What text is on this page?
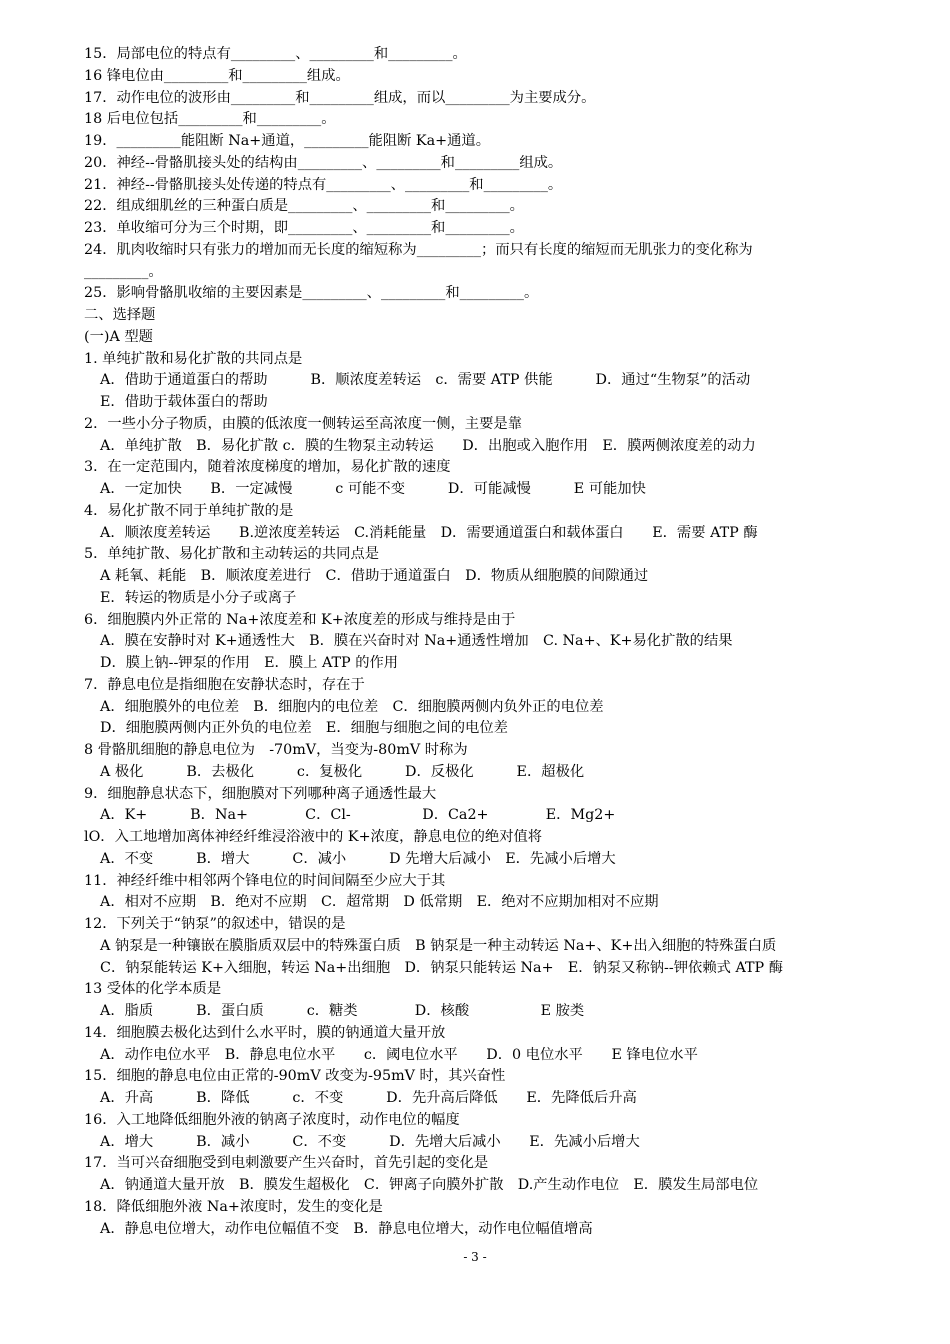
15．局部电位的特点有_________、_________和_________。
16 锋电位由_________和_________组成。
17．动作电位的波形由_________和_________组成，而以_________为主要成分。
18 后电位包括_________和_________。
19．_________能阻断 Na+通道，_________能阻断 Ka+通道。
20．神经--骨骼肌接头处的结构由_________、_________和_________组成。
21．神经--骨骼肌接头处传递的特点有_________、_________和_________。
22．组成细肌丝的三种蛋白质是_________、_________和_________。
23．单收缩可分为三个时期，即_________、_________和_________。
24．肌肉收缩时只有张力的增加而无长度的缩短称为_________；而只有长度的缩短而无肌张力的变化称为
_________。
25．影响骨骼肌收缩的主要因素是_________、_________和_________。
二、选择题
(一)A 型题
1. 单纯扩散和易化扩散的共同点是
A．借助于通道蛋白的帮助　　　B．顺浓度差转运　c．需要 ATP 供能　　　D．通过“生物泵”的活动
E．借助于载体蛋白的帮助
2．一些小分子物质，由膜的低浓度一侧转运至高浓度一侧，主要是靠
A．单纯扩散　B．易化扩散 c．膜的生物泵主动转运　　D．出胞或入胞作用　E．膜两侧浓度差的动力
3．在一定范围内，随着浓度梯度的增加，易化扩散的速度
A．一定加快　　B．一定减慢　　　c 可能不变　　　D．可能减慢　　　E 可能加快
4．易化扩散不同于单纯扩散的是
A．顺浓度差转运　　B.逆浓度差转运　C.消耗能量　D．需要通道蛋白和载体蛋白　　E．需要 ATP 酶
5．单纯扩散、易化扩散和主动转运的共同点是
A 耗氧、耗能　B．顺浓度差进行　C．借助于通道蛋白　D．物质从细胞膜的间隙通过
E．转运的物质是小分子或离子
6．细胞膜内外正常的 Na+浓度差和 K+浓度差的形成与维持是由于
A．膜在安静时对 K+通透性大　B．膜在兴奋时对 Na+通透性增加　C. Na+、K+易化扩散的结果
D．膜上钠--钾泵的作用　E．膜上 ATP 的作用
7．静息电位是指细胞在安静状态时，存在于
A．细胞膜外的电位差　B．细胞内的电位差　C．细胞膜两侧内负外正的电位差
D．细胞膜两侧内正外负的电位差　E．细胞与细胞之间的电位差
8 骨骼肌细胞的静息电位为　-70mV，当变为-80mV 时称为
A 极化　　　B．去极化　　　c．复极化　　　D．反极化　　　E．超极化
9．细胞静息状态下，细胞膜对下列哪种离子通透性最大
A．K+　　　B．Na+　　　　C．Cl-　　　　　D．Ca2+　　　　E．Mg2+
lO．入工地增加离体神经纤维浸浴液中的 K+浓度，静息电位的绝对值将
A．不变　　　B．增大　　　C．减小　　　D 先增大后减小　E．先减小后增大
11．神经纤维中相邻两个锋电位的时间间隔至少应大于其
A．相对不应期　B．绝对不应期　C．超常期　D 低常期　E．绝对不应期加相对不应期
12．下列关于“钠泵”的叙述中，错误的是
A 钠泵是一种镶嵌在膜脂质双层中的特殊蛋白质　B 钠泵是一种主动转运 Na+、K+出入细胞的特殊蛋白质
C．钠泵能转运 K+入细胞，转运 Na+出细胞　D．钠泵只能转运 Na+　E．钠泵又称钠--钾依赖式 ATP 酶
13 受体的化学本质是
A．脂质　　　B．蛋白质　　　c．糖类　　　　D．核酸　　　　　E 胺类
14．细胞膜去极化达到什么水平时，膜的钠通道大量开放
A．动作电位水平　B．静息电位水平　　c．阈电位水平　　D．0 电位水平　　E 锋电位水平
15．细胞的静息电位由正常的-90mV 改变为-95mV 时，其兴奋性
A．升高　　　B．降低　　　c．不变　　　D．先升高后降低　　E．先降低后升高
16．入工地降低细胞外液的钠离子浓度时，动作电位的幅度
A．增大　　　B．减小　　　C．不变　　　D．先增大后减小　　E．先减小后增大
17．当可兴奋细胞受到电刺激要产生兴奋时，首先引起的变化是
A．钠通道大量开放　B．膜发生超极化　C．钾离子向膜外扩散　D.产生动作电位　E．膜发生局部电位
18．降低细胞外液 Na+浓度时，发生的变化是
A．静息电位增大，动作电位幅值不变　B．静息电位增大，动作电位幅值增高
- 3 -
